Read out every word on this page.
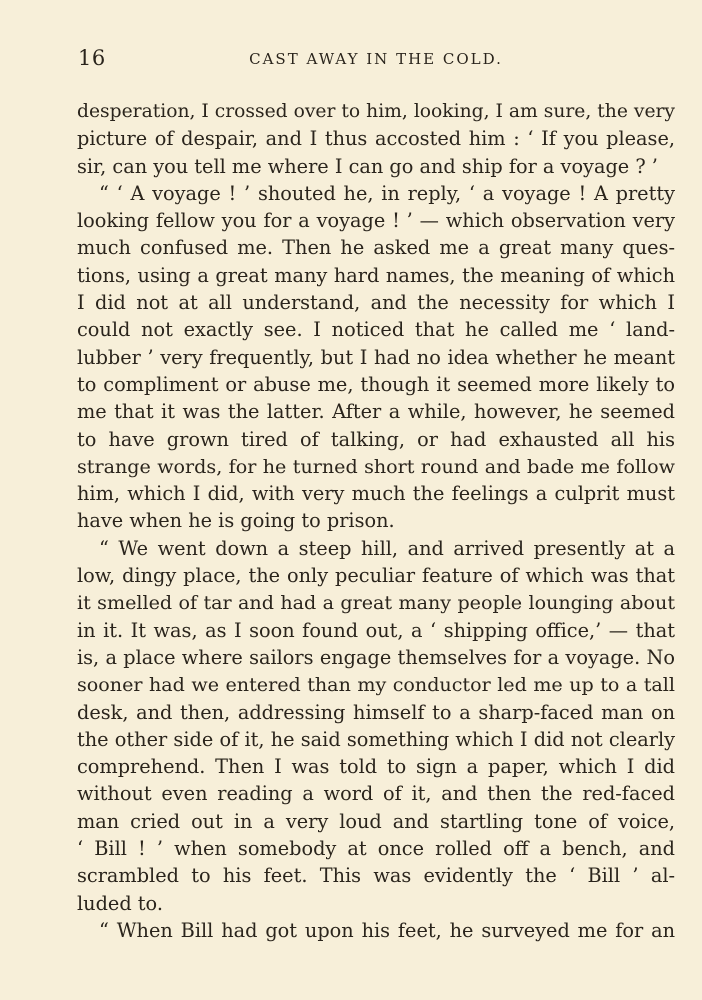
16	CAST AWAY IN THE COLD.
desperation, I crossed over to him, looking, I am sure, the very
picture of despair, and I thus accosted him : ‘ If you please,
sir, can you tell me where I can go and ship for a voyage ? ’
“ ‘ A voyage ! ’ shouted he, in reply, ‘ a voyage ! A pretty
looking fellow you for a voyage ! ’ — which observation very
much confused me. Then he asked me a great many ques-
tions, using a great many hard names, the meaning of which
I did not at all understand, and the necessity for which I
could not exactly see. I noticed that he called me ‘ land-
lubber ’ very frequently, but I had no idea whether he meant
to compliment or abuse me, though it seemed more likely to
me that it was the latter. After a while, however, he seemed
to have grown tired of talking, or had exhausted all his
strange words, for he turned short round and bade me follow
him, which I did, with very much the feelings a culprit must
have when he is going to prison.
“ We went down a steep hill, and arrived presently at a
low, dingy place, the only peculiar feature of which was that
it smelled of tar and had a great many people lounging about
in it. It was, as I soon found out, a ‘ shipping office,’ — that
is, a place where sailors engage themselves for a voyage. No
sooner had we entered than my conductor led me up to a tall
desk, and then, addressing himself to a sharp-faced man on
the other side of it, he said something which I did not clearly
comprehend. Then I was told to sign a paper, which I did
without even reading a word of it, and then the red-faced
man cried out in a very loud and startling tone of voice,
‘ Bill ! ’ when somebody at once rolled off a bench, and
scrambled to his feet. This was evidently the ‘ Bill ’ al-
luded to.
“ When Bill had got upon his feet, he surveyed me for an
